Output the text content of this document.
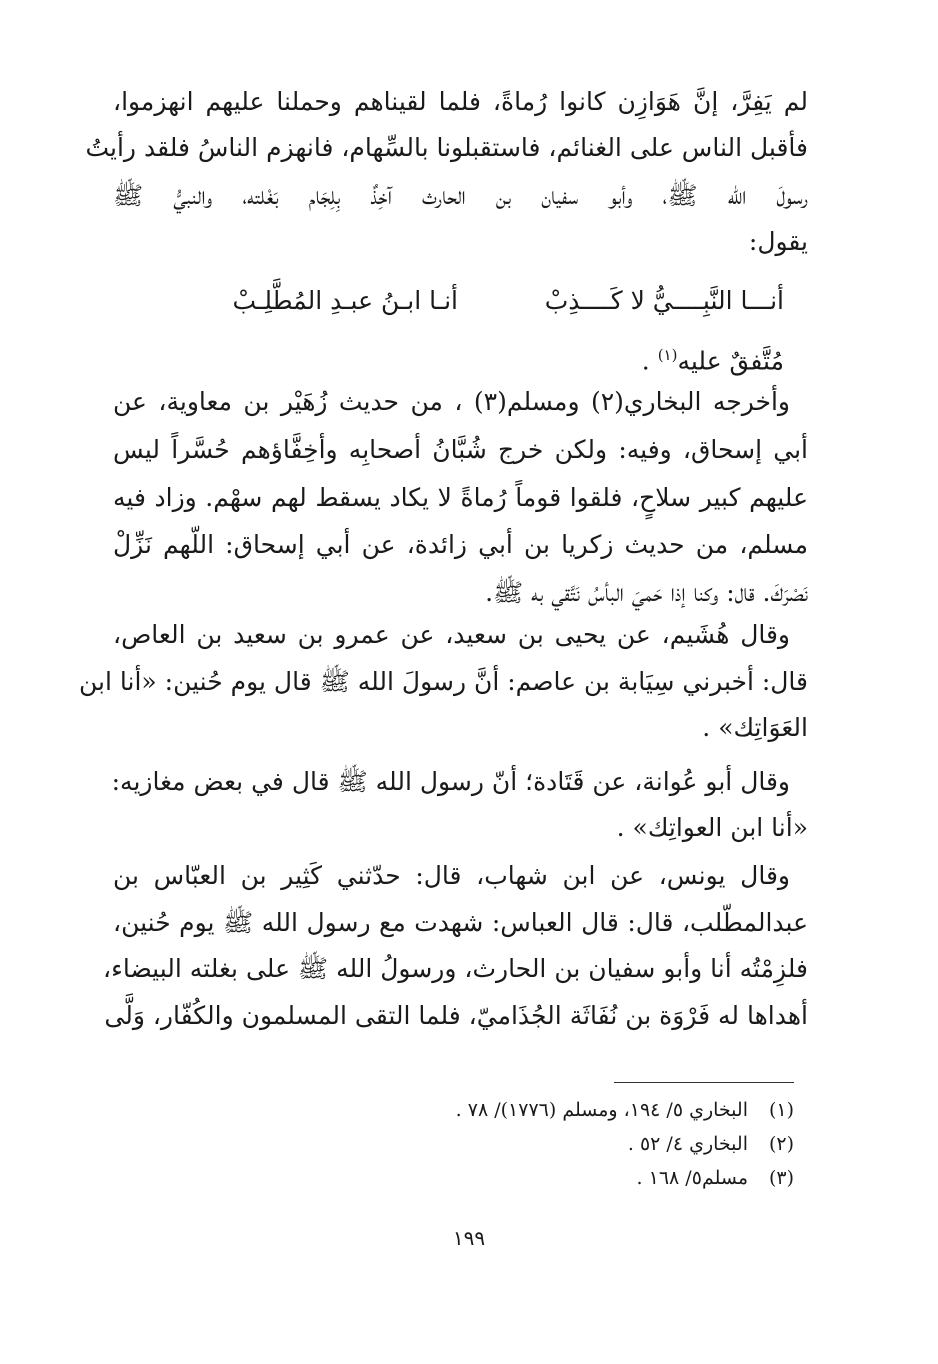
لم يَفِرَّ، إنَّ هَوَازِن كانوا رُماةً، فلما لقيناهم وحملنا عليهم انهزموا،
فأقبل الناس على الغنائم، فاستقبلونا بالسِّهام، فانهزم الناسُ فلقد رأيتُ
رسولَ الله ﷺ، وأبو سفيان بن الحارث آخِذٌ بِلِجَام بَغْلته، والنبيُّ ﷺ
يقول:
أنـــا النَّبِــــيُّ لا كَــــذِبْ
أنـا ابـنُ عبـدِ المُطَّلِـبْ
مُتَّفقٌ عليه$^{(١)}$ .
وأخرجه البخاري(٢) ومسلم(٣) ، من حديث زُهَيْر بن معاوية، عن
أبي إسحاق، وفيه: ولكن خرج شُبَّانُ أصحابِه وأخِفَّاؤهم حُسَّراً ليس
عليهم كبير سلاحٍ، فلقوا قوماً رُماةً لا يكاد يسقط لهم سهْم. وزاد فيه
مسلم، من حديث زكريا بن أبي زائدة، عن أبي إسحاق: اللّهم نَزِّلْ
نَصْرَكَ. قال: وكنا إذا حَميَ البأسُ نَتَّقي به ﷺ.
وقال هُشَيم، عن يحيى بن سعيد، عن عمرو بن سعيد بن العاص،
قال: أخبرني سِيَابة بن عاصم: أنَّ رسولَ الله ﷺ قال يوم حُنين: «أنا ابن
العَوَاتِك» .
وقال أبو عُوانة، عن قَتَادة؛ أنّ رسول الله ﷺ قال في بعض مغازيه:
«أنا ابن العواتِك» .
وقال يونس، عن ابن شهاب، قال: حدّثني كَثِير بن العبّاس بن
عبدالمطّلب، قال: قال العباس: شهدت مع رسول الله ﷺ يوم حُنين،
فلزِمْتُه أنا وأبو سفيان بن الحارث، ورسولُ الله ﷺ على بغلته البيضاء،
أهداها له فَرْوَة بن نُفَاثَة الجُذَاميّ، فلما التقى المسلمون والكُفّار، وَلَّى
(١)البخاري ٥/ ١٩٤، ومسلم (١٧٧٦)/ ٧٨ .
(٢)البخاري ٤/ ٥٢ .
(٣)مسلم٥/ ١٦٨ .
١٩٩
